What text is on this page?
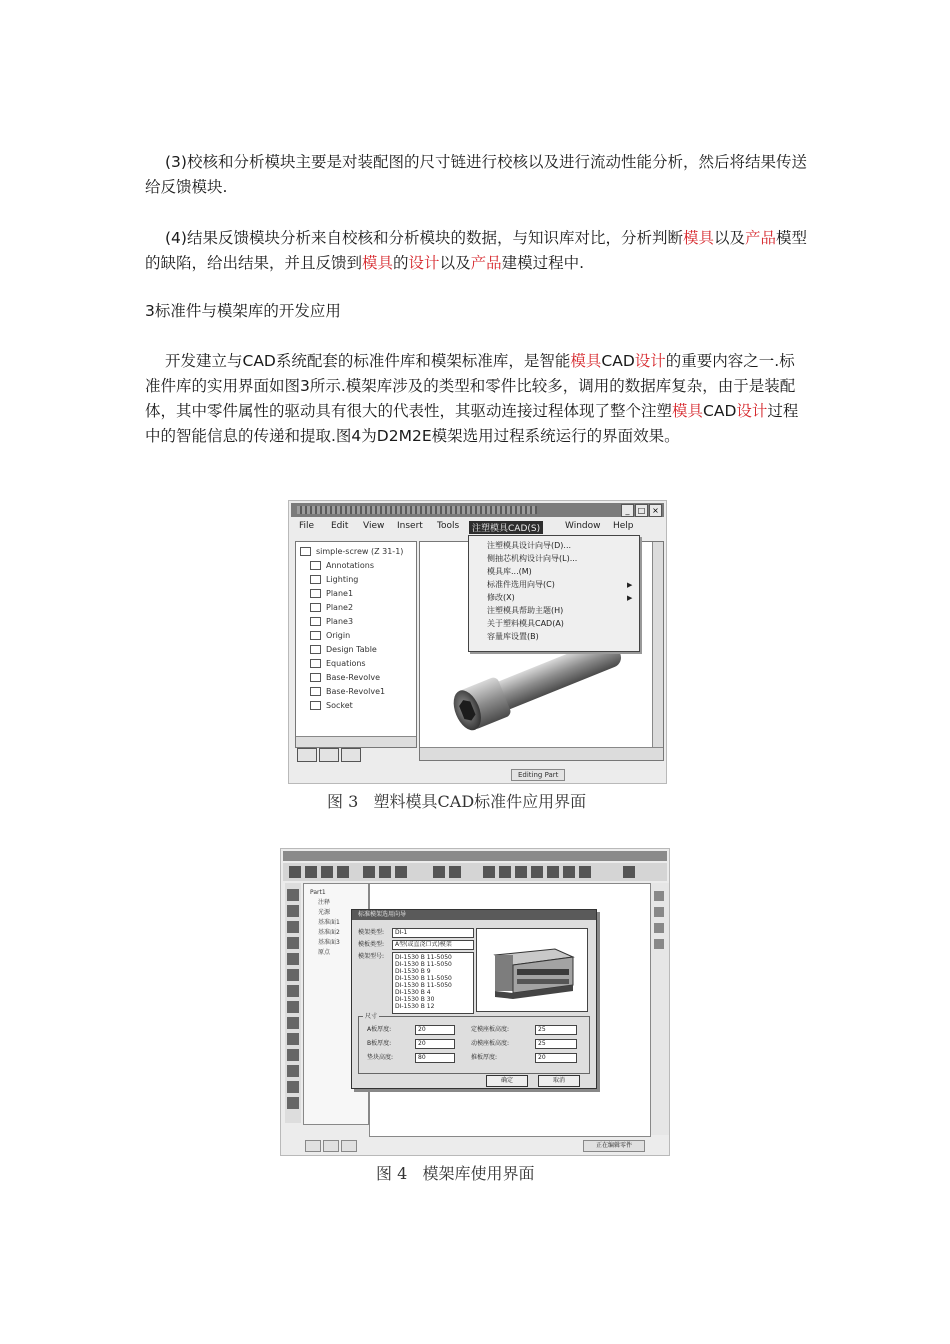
(3)校核和分析模块主要是对装配图的尺寸链进行校核以及进行流动性能分析，然后将结果传送给反馈模块.

(4)结果反馈模块分析来自校核和分析模块的数据，与知识库对比，分析判断模具以及产品模型的缺陷，给出结果，并且反馈到模具的设计以及产品建模过程中.

3标准件与模架库的开发应用

开发建立与CAD系统配套的标准件库和模架标准库，是智能模具CAD设计的重要内容之一.标准件库的实用界面如图3所示.模架库涉及的类型和零件比较多，调用的数据库复杂，由于是装配体，其中零件属性的驱动具有很大的代表性，其驱动连接过程体现了整个注塑模具CAD设计过程中的智能信息的传递和提取.图4为D2M2E模架选用过程系统运行的界面效果。

_	□ ×
File Edit View Insert Tools	注塑模具CAD(S)	Window Help
simple-screw (Z 31-1)
Annotations
Lighting
Plane1
Plane2
Plane3
Origin
Design Table
Equations
Base-Revolve
Base-Revolve1
Socket
注塑模具设计向导(D)...
侧抽芯机构设计向导(L)...
模具库...(M)
标准件选用向导(C)	▶
修改(X)	▶
注塑模具帮助主题(H)
关于塑料模具CAD(A)
容量库设置(B)
Editing Part
图 3   塑料模具CAD标准件应用界面
Part1
注释
光源
基准面1
基准面2
基准面3
原点
标准模架选用向导
模架类型:	DI-1
模板类型:	A型(或直浇口式)模架
模架型号: DI-1530 B 11-5050
DI-1530 B 11-5050
DI-1530 B 9
DI-1530 B 11-5050
DI-1530 B 11-5050
DI-1530 B 4
DI-1530 B 30
DI-1530 B 12
尺寸
A板厚度:	20
B板厚度:	20
垫块高度:	80
定模座板高度:	25
动模座板高度:	25
推板厚度:	20
确定	取消
正在编辑零件
图 4   模架库使用界面
